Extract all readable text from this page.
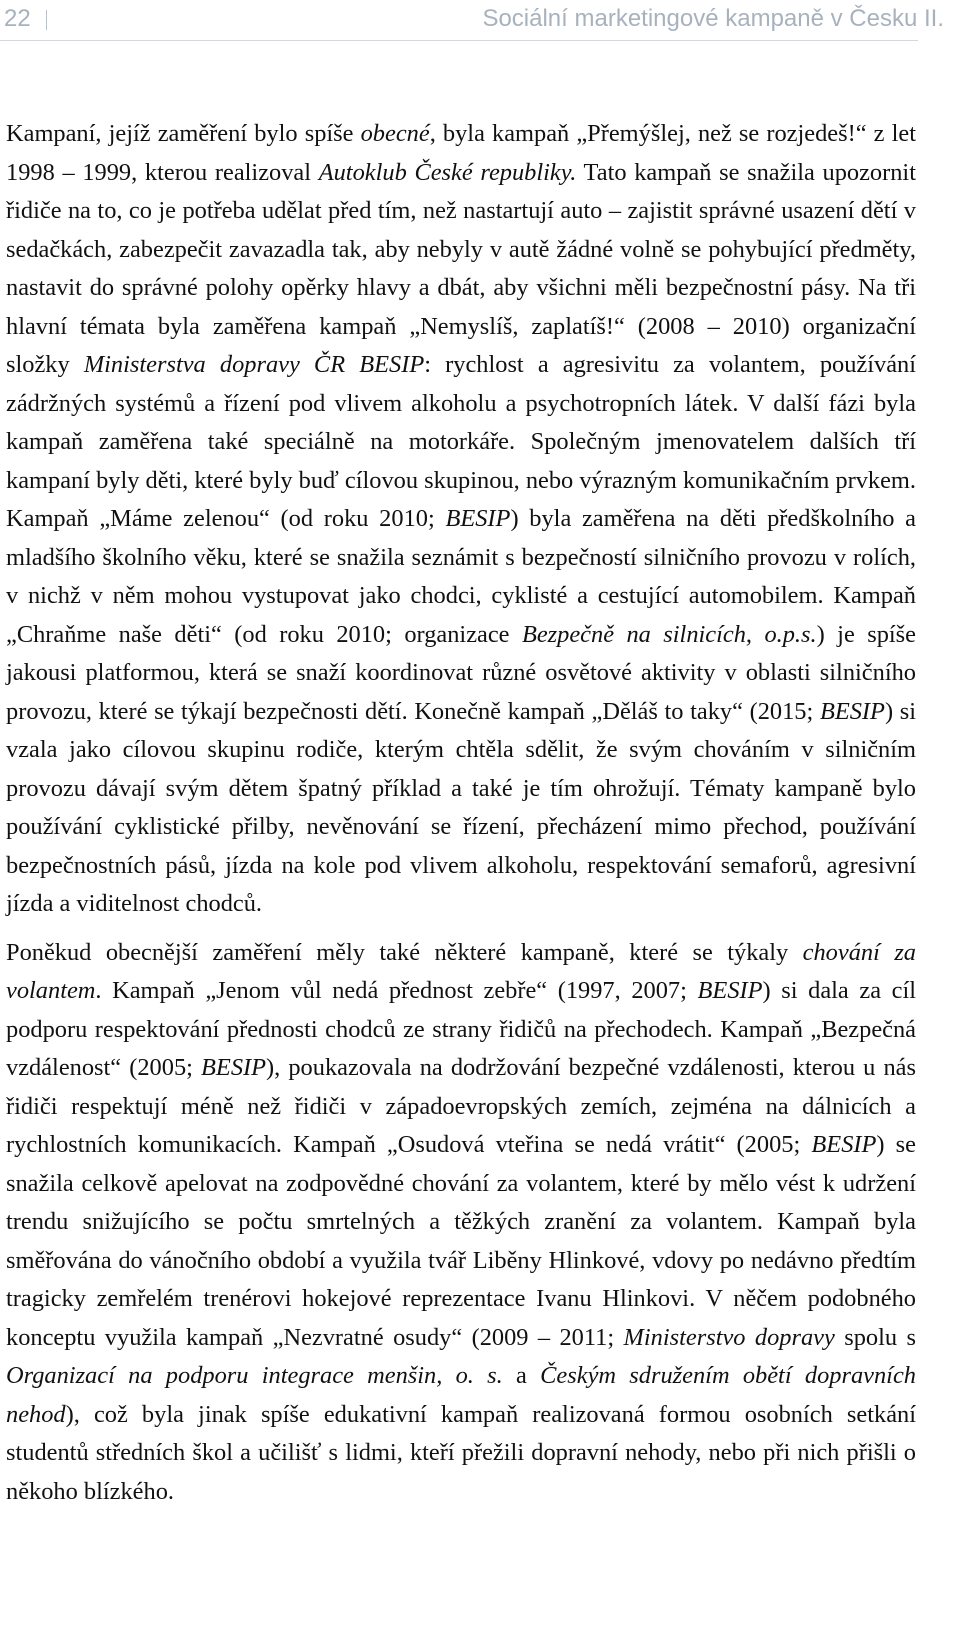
22	Sociální marketingové kampaně v Česku II.

Kampaní, jejíž zaměření bylo spíše obecné, byla kampaň „Přemýšlej, než se rozjedeš!“ z let 1998 – 1999, kterou realizoval Autoklub České republiky. Tato kampaň se snažila upozornit řidiče na to, co je potřeba udělat před tím, než nastartují auto – zajistit správné usazení dětí v sedačkách, zabezpečit zavazadla tak, aby nebyly v autě žádné volně se pohybující předměty, nastavit do správné polohy opěrky hlavy a dbát, aby všichni měli bezpečnostní pásy. Na tři hlavní témata byla zaměřena kampaň „Nemyslíš, zaplatíš!“ (2008 – 2010) organizační složky Ministerstva dopravy ČR BESIP: rychlost a agresivitu za volantem, používání zádržných systémů a řízení pod vlivem alkoholu a psychotropních látek. V další fázi byla kampaň zaměřena také speciálně na motorkáře. Společným jmenovatelem dalších tří kampaní byly děti, které byly buď cílovou skupinou, nebo výrazným komunikačním prvkem. Kampaň „Máme zelenou“ (od roku 2010; BESIP) byla zaměřena na děti předškolního a mladšího školního věku, které se snažila seznámit s bezpečností silničního provozu v rolích, v nichž v něm mohou vystupovat jako chodci, cyklisté a cestující automobilem. Kampaň „Chraňme naše děti“ (od roku 2010; organizace Bezpečně na silnicích, o.p.s.) je spíše jakousi platformou, která se snaží koordinovat různé osvětové aktivity v oblasti silničního provozu, které se týkají bezpečnosti dětí. Konečně kampaň „Děláš to taky“ (2015; BESIP) si vzala jako cílovou skupinu rodiče, kterým chtěla sdělit, že svým chováním v silničním provozu dávají svým dětem špatný příklad a také je tím ohrožují. Tématy kampaně bylo používání cyklistické přilby, nevěnování se řízení, přecházení mimo přechod, používání bezpečnostních pásů, jízda na kole pod vlivem alkoholu, respektování semaforů, agresivní jízda a viditelnost chodců.

Poněkud obecnější zaměření měly také některé kampaně, které se týkaly chování za volantem. Kampaň „Jenom vůl nedá přednost zebře“ (1997, 2007; BESIP) si dala za cíl podporu respektování přednosti chodců ze strany řidičů na přechodech. Kampaň „Bezpečná vzdálenost“ (2005; BESIP), poukazovala na dodržování bezpečné vzdálenosti, kterou u nás řidiči respektují méně než řidiči v západoevropských zemích, zejména na dálnicích a rychlostních komunikacích. Kampaň „Osudová vteřina se nedá vrátit“ (2005; BESIP) se snažila celkově apelovat na zodpovědné chování za volantem, které by mělo vést k udržení trendu snižujícího se počtu smrtelných a těžkých zranění za volantem. Kampaň byla směřována do vánočního období a využila tvář Liběny Hlinkové, vdovy po nedávno předtím tragicky zemřelém trenérovi hokejové reprezentace Ivanu Hlinkovi. V něčem podobného konceptu využila kampaň „Nezvratné osudy“ (2009 – 2011; Ministerstvo dopravy spolu s Organizací na podporu integrace menšin, o. s. a Českým sdružením obětí dopravních nehod), což byla jinak spíše edukativní kampaň realizovaná formou osobních setkání studentů středních škol a učilišť s lidmi, kteří přežili dopravní nehody, nebo při nich přišli o někoho blízkého.
